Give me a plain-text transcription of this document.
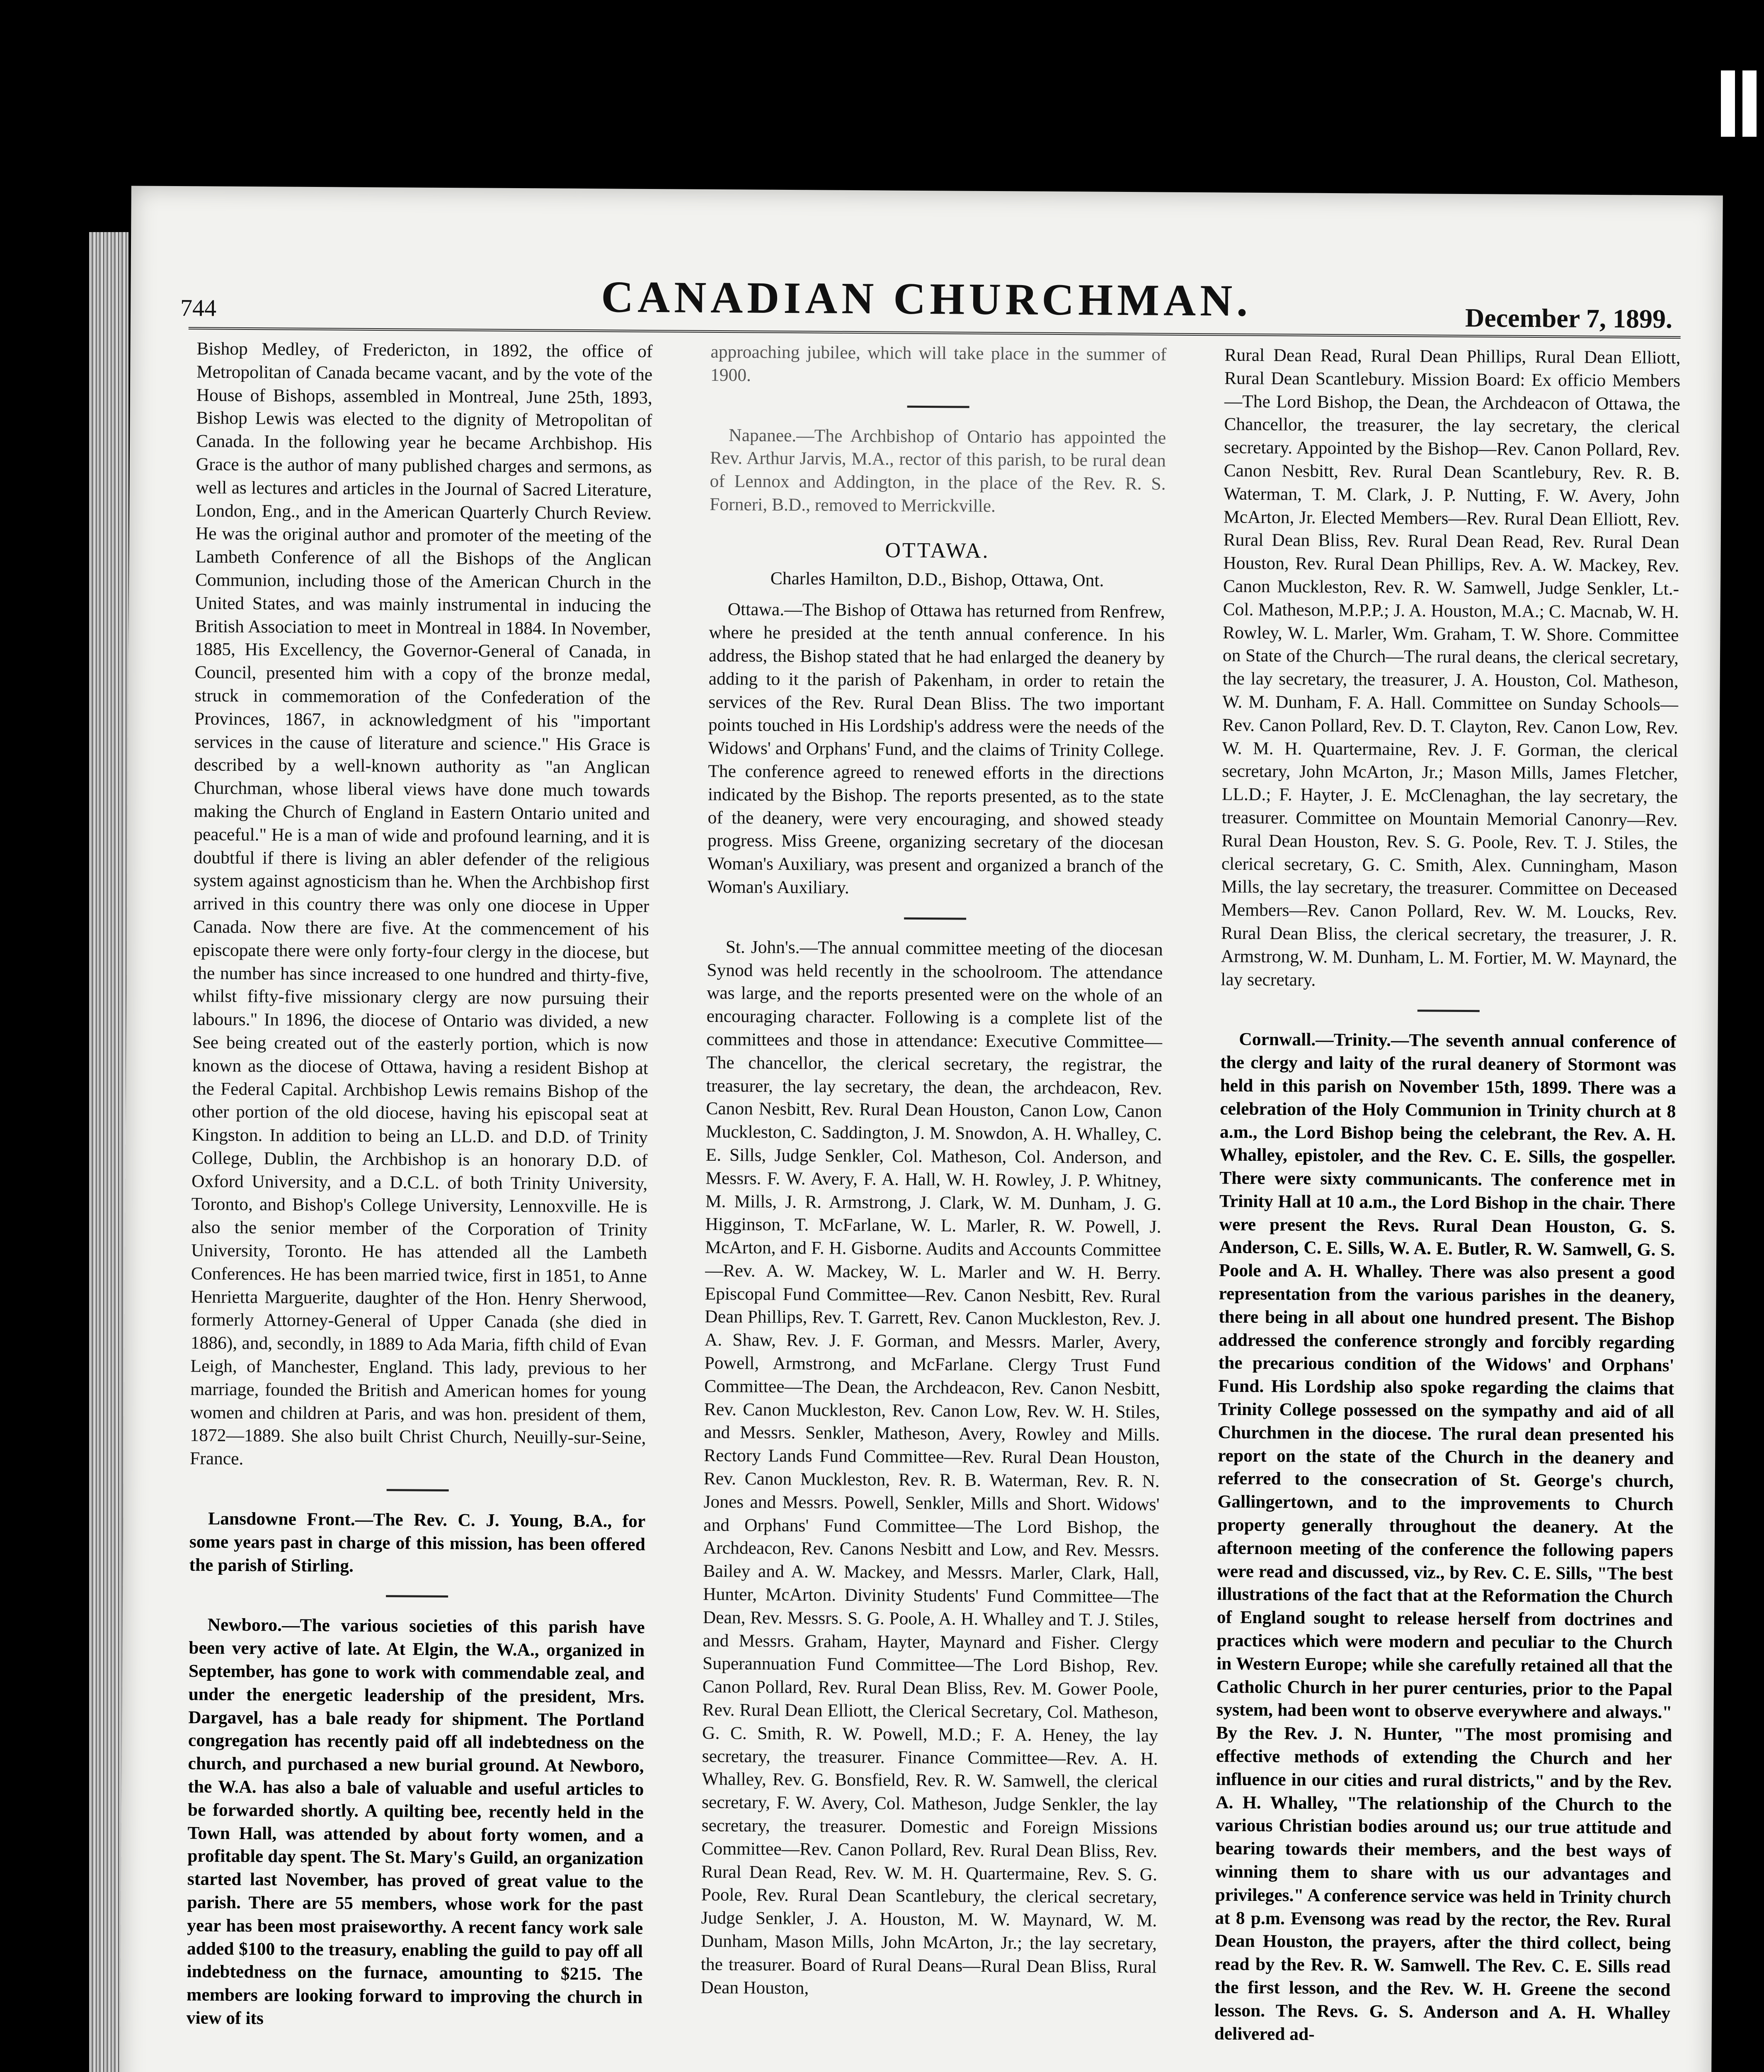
744	CANADIAN CHURCHMAN.	December 7, 1899.

Bishop Medley, of Fredericton, in 1892, the office of Metropolitan of Canada became vacant, and by the vote of the House of Bishops, assembled in Montreal, June 25th, 1893, Bishop Lewis was elected to the dignity of Metropolitan of Canada. In the following year he became Archbishop. His Grace is the author of many published charges and sermons, as well as lectures and articles in the Journal of Sacred Literature, London, Eng., and in the American Quarterly Church Review. He was the original author and promoter of the meeting of the Lambeth Conference of all the Bishops of the Anglican Communion, including those of the American Church in the United States, and was mainly instrumental in inducing the British Association to meet in Montreal in 1884. In November, 1885, His Excellency, the Governor-General of Canada, in Council, presented him with a copy of the bronze medal, struck in commemoration of the Confederation of the Provinces, 1867, in acknowledgment of his "important services in the cause of literature and science." His Grace is described by a well-known authority as "an Anglican Churchman, whose liberal views have done much towards making the Church of England in Eastern Ontario united and peaceful." He is a man of wide and profound learning, and it is doubtful if there is living an abler defender of the religious system against agnosticism than he. When the Archbishop first arrived in this country there was only one diocese in Upper Canada. Now there are five. At the commencement of his episcopate there were only forty-four clergy in the diocese, but the number has since increased to one hundred and thirty-five, whilst fifty-five missionary clergy are now pursuing their labours." In 1896, the diocese of Ontario was divided, a new See being created out of the easterly portion, which is now known as the diocese of Ottawa, having a resident Bishop at the Federal Capital. Archbishop Lewis remains Bishop of the other portion of the old diocese, having his episcopal seat at Kingston. In addition to being an LL.D. and D.D. of Trinity College, Dublin, the Archbishop is an honorary D.D. of Oxford University, and a D.C.L. of both Trinity University, Toronto, and Bishop's College University, Lennoxville. He is also the senior member of the Corporation of Trinity University, Toronto. He has attended all the Lambeth Conferences. He has been married twice, first in 1851, to Anne Henrietta Marguerite, daughter of the Hon. Henry Sherwood, formerly Attorney-General of Upper Canada (she died in 1886), and, secondly, in 1889 to Ada Maria, fifth child of Evan Leigh, of Manchester, England. This lady, previous to her marriage, founded the British and American homes for young women and children at Paris, and was hon. president of them, 1872—1889. She also built Christ Church, Neuilly-sur-Seine, France.

Lansdowne Front.—The Rev. C. J. Young, B.A., for some years past in charge of this mission, has been offered the parish of Stirling.

Newboro.—The various societies of this parish have been very active of late. At Elgin, the W.A., organized in September, has gone to work with commendable zeal, and under the energetic leadership of the president, Mrs. Dargavel, has a bale ready for shipment. The Portland congregation has recently paid off all indebtedness on the church, and purchased a new burial ground. At Newboro, the W.A. has also a bale of valuable and useful articles to be forwarded shortly. A quilting bee, recently held in the Town Hall, was attended by about forty women, and a profitable day spent. The St. Mary's Guild, an organization started last November, has proved of great value to the parish. There are 55 members, whose work for the past year has been most praiseworthy. A recent fancy work sale added $100 to the treasury, enabling the guild to pay off all indebtedness on the furnace, amounting to $215. The members are looking forward to improving the church in view of its

approaching jubilee, which will take place in the summer of 1900.

Napanee.—The Archbishop of Ontario has appointed the Rev. Arthur Jarvis, M.A., rector of this parish, to be rural dean of Lennox and Addington, in the place of the Rev. R. S. Forneri, B.D., removed to Merrickville.

OTTAWA.

Charles Hamilton, D.D., Bishop, Ottawa, Ont.

Ottawa.—The Bishop of Ottawa has returned from Renfrew, where he presided at the tenth annual conference. In his address, the Bishop stated that he had enlarged the deanery by adding to it the parish of Pakenham, in order to retain the services of the Rev. Rural Dean Bliss. The two important points touched in His Lordship's address were the needs of the Widows' and Orphans' Fund, and the claims of Trinity College. The conference agreed to renewed efforts in the directions indicated by the Bishop. The reports presented, as to the state of the deanery, were very encouraging, and showed steady progress. Miss Greene, organizing secretary of the diocesan Woman's Auxiliary, was present and organized a branch of the Woman's Auxiliary.

St. John's.—The annual committee meeting of the diocesan Synod was held recently in the schoolroom. The attendance was large, and the reports presented were on the whole of an encouraging character. Following is a complete list of the committees and those in attendance: Executive Committee—The chancellor, the clerical secretary, the registrar, the treasurer, the lay secretary, the dean, the archdeacon, Rev. Canon Nesbitt, Rev. Rural Dean Houston, Canon Low, Canon Muckleston, C. Saddington, J. M. Snowdon, A. H. Whalley, C. E. Sills, Judge Senkler, Col. Matheson, Col. Anderson, and Messrs. F. W. Avery, F. A. Hall, W. H. Rowley, J. P. Whitney, M. Mills, J. R. Armstrong, J. Clark, W. M. Dunham, J. G. Higginson, T. McFarlane, W. L. Marler, R. W. Powell, J. McArton, and F. H. Gisborne. Audits and Accounts Committee—Rev. A. W. Mackey, W. L. Marler and W. H. Berry. Episcopal Fund Committee—Rev. Canon Nesbitt, Rev. Rural Dean Phillips, Rev. T. Garrett, Rev. Canon Muckleston, Rev. J. A. Shaw, Rev. J. F. Gorman, and Messrs. Marler, Avery, Powell, Armstrong, and McFarlane. Clergy Trust Fund Committee—The Dean, the Archdeacon, Rev. Canon Nesbitt, Rev. Canon Muckleston, Rev. Canon Low, Rev. W. H. Stiles, and Messrs. Senkler, Matheson, Avery, Rowley and Mills. Rectory Lands Fund Committee—Rev. Rural Dean Houston, Rev. Canon Muckleston, Rev. R. B. Waterman, Rev. R. N. Jones and Messrs. Powell, Senkler, Mills and Short. Widows' and Orphans' Fund Committee—The Lord Bishop, the Archdeacon, Rev. Canons Nesbitt and Low, and Rev. Messrs. Bailey and A. W. Mackey, and Messrs. Marler, Clark, Hall, Hunter, McArton. Divinity Students' Fund Committee—The Dean, Rev. Messrs. S. G. Poole, A. H. Whalley and T. J. Stiles, and Messrs. Graham, Hayter, Maynard and Fisher. Clergy Superannuation Fund Committee—The Lord Bishop, Rev. Canon Pollard, Rev. Rural Dean Bliss, Rev. M. Gower Poole, Rev. Rural Dean Elliott, the Clerical Secretary, Col. Matheson, G. C. Smith, R. W. Powell, M.D.; F. A. Heney, the lay secretary, the treasurer. Finance Committee—Rev. A. H. Whalley, Rev. G. Bonsfield, Rev. R. W. Samwell, the clerical secretary, F. W. Avery, Col. Matheson, Judge Senkler, the lay secretary, the treasurer. Domestic and Foreign Missions Committee—Rev. Canon Pollard, Rev. Rural Dean Bliss, Rev. Rural Dean Read, Rev. W. M. H. Quartermaine, Rev. S. G. Poole, Rev. Rural Dean Scantlebury, the clerical secretary, Judge Senkler, J. A. Houston, M. W. Maynard, W. M. Dunham, Mason Mills, John McArton, Jr.; the lay secretary, the treasurer. Board of Rural Deans—Rural Dean Bliss, Rural Dean Houston,

Rural Dean Read, Rural Dean Phillips, Rural Dean Elliott, Rural Dean Scantlebury. Mission Board: Ex officio Members—The Lord Bishop, the Dean, the Archdeacon of Ottawa, the Chancellor, the treasurer, the lay secretary, the clerical secretary. Appointed by the Bishop—Rev. Canon Pollard, Rev. Canon Nesbitt, Rev. Rural Dean Scantlebury, Rev. R. B. Waterman, T. M. Clark, J. P. Nutting, F. W. Avery, John McArton, Jr. Elected Members—Rev. Rural Dean Elliott, Rev. Rural Dean Bliss, Rev. Rural Dean Read, Rev. Rural Dean Houston, Rev. Rural Dean Phillips, Rev. A. W. Mackey, Rev. Canon Muckleston, Rev. R. W. Samwell, Judge Senkler, Lt.-Col. Matheson, M.P.P.; J. A. Houston, M.A.; C. Macnab, W. H. Rowley, W. L. Marler, Wm. Graham, T. W. Shore. Committee on State of the Church—The rural deans, the clerical secretary, the lay secretary, the treasurer, J. A. Houston, Col. Matheson, W. M. Dunham, F. A. Hall. Committee on Sunday Schools—Rev. Canon Pollard, Rev. D. T. Clayton, Rev. Canon Low, Rev. W. M. H. Quartermaine, Rev. J. F. Gorman, the clerical secretary, John McArton, Jr.; Mason Mills, James Fletcher, LL.D.; F. Hayter, J. E. McClenaghan, the lay secretary, the treasurer. Committee on Mountain Memorial Canonry—Rev. Rural Dean Houston, Rev. S. G. Poole, Rev. T. J. Stiles, the clerical secretary, G. C. Smith, Alex. Cunningham, Mason Mills, the lay secretary, the treasurer. Committee on Deceased Members—Rev. Canon Pollard, Rev. W. M. Loucks, Rev. Rural Dean Bliss, the clerical secretary, the treasurer, J. R. Armstrong, W. M. Dunham, L. M. Fortier, M. W. Maynard, the lay secretary.

Cornwall.—Trinity.—The seventh annual conference of the clergy and laity of the rural deanery of Stormont was held in this parish on November 15th, 1899. There was a celebration of the Holy Communion in Trinity church at 8 a.m., the Lord Bishop being the celebrant, the Rev. A. H. Whalley, epistoler, and the Rev. C. E. Sills, the gospeller. There were sixty communicants. The conference met in Trinity Hall at 10 a.m., the Lord Bishop in the chair. There were present the Revs. Rural Dean Houston, G. S. Anderson, C. E. Sills, W. A. E. Butler, R. W. Samwell, G. S. Poole and A. H. Whalley. There was also present a good representation from the various parishes in the deanery, there being in all about one hundred present. The Bishop addressed the conference strongly and forcibly regarding the precarious condition of the Widows' and Orphans' Fund. His Lordship also spoke regarding the claims that Trinity College possessed on the sympathy and aid of all Churchmen in the diocese. The rural dean presented his report on the state of the Church in the deanery and referred to the consecration of St. George's church, Gallingertown, and to the improvements to Church property generally throughout the deanery. At the afternoon meeting of the conference the following papers were read and discussed, viz., by Rev. C. E. Sills, "The best illustrations of the fact that at the Reformation the Church of England sought to release herself from doctrines and practices which were modern and peculiar to the Church in Western Europe; while she carefully retained all that the Catholic Church in her purer centuries, prior to the Papal system, had been wont to observe everywhere and always." By the Rev. J. N. Hunter, "The most promising and effective methods of extending the Church and her influence in our cities and rural districts," and by the Rev. A. H. Whalley, "The relationship of the Church to the various Christian bodies around us; our true attitude and bearing towards their members, and the best ways of winning them to share with us our advantages and privileges." A conference service was held in Trinity church at 8 p.m. Evensong was read by the rector, the Rev. Rural Dean Houston, the prayers, after the third collect, being read by the Rev. R. W. Samwell. The Rev. C. E. Sills read the first lesson, and the Rev. W. H. Greene the second lesson. The Revs. G. S. Anderson and A. H. Whalley delivered ad-
